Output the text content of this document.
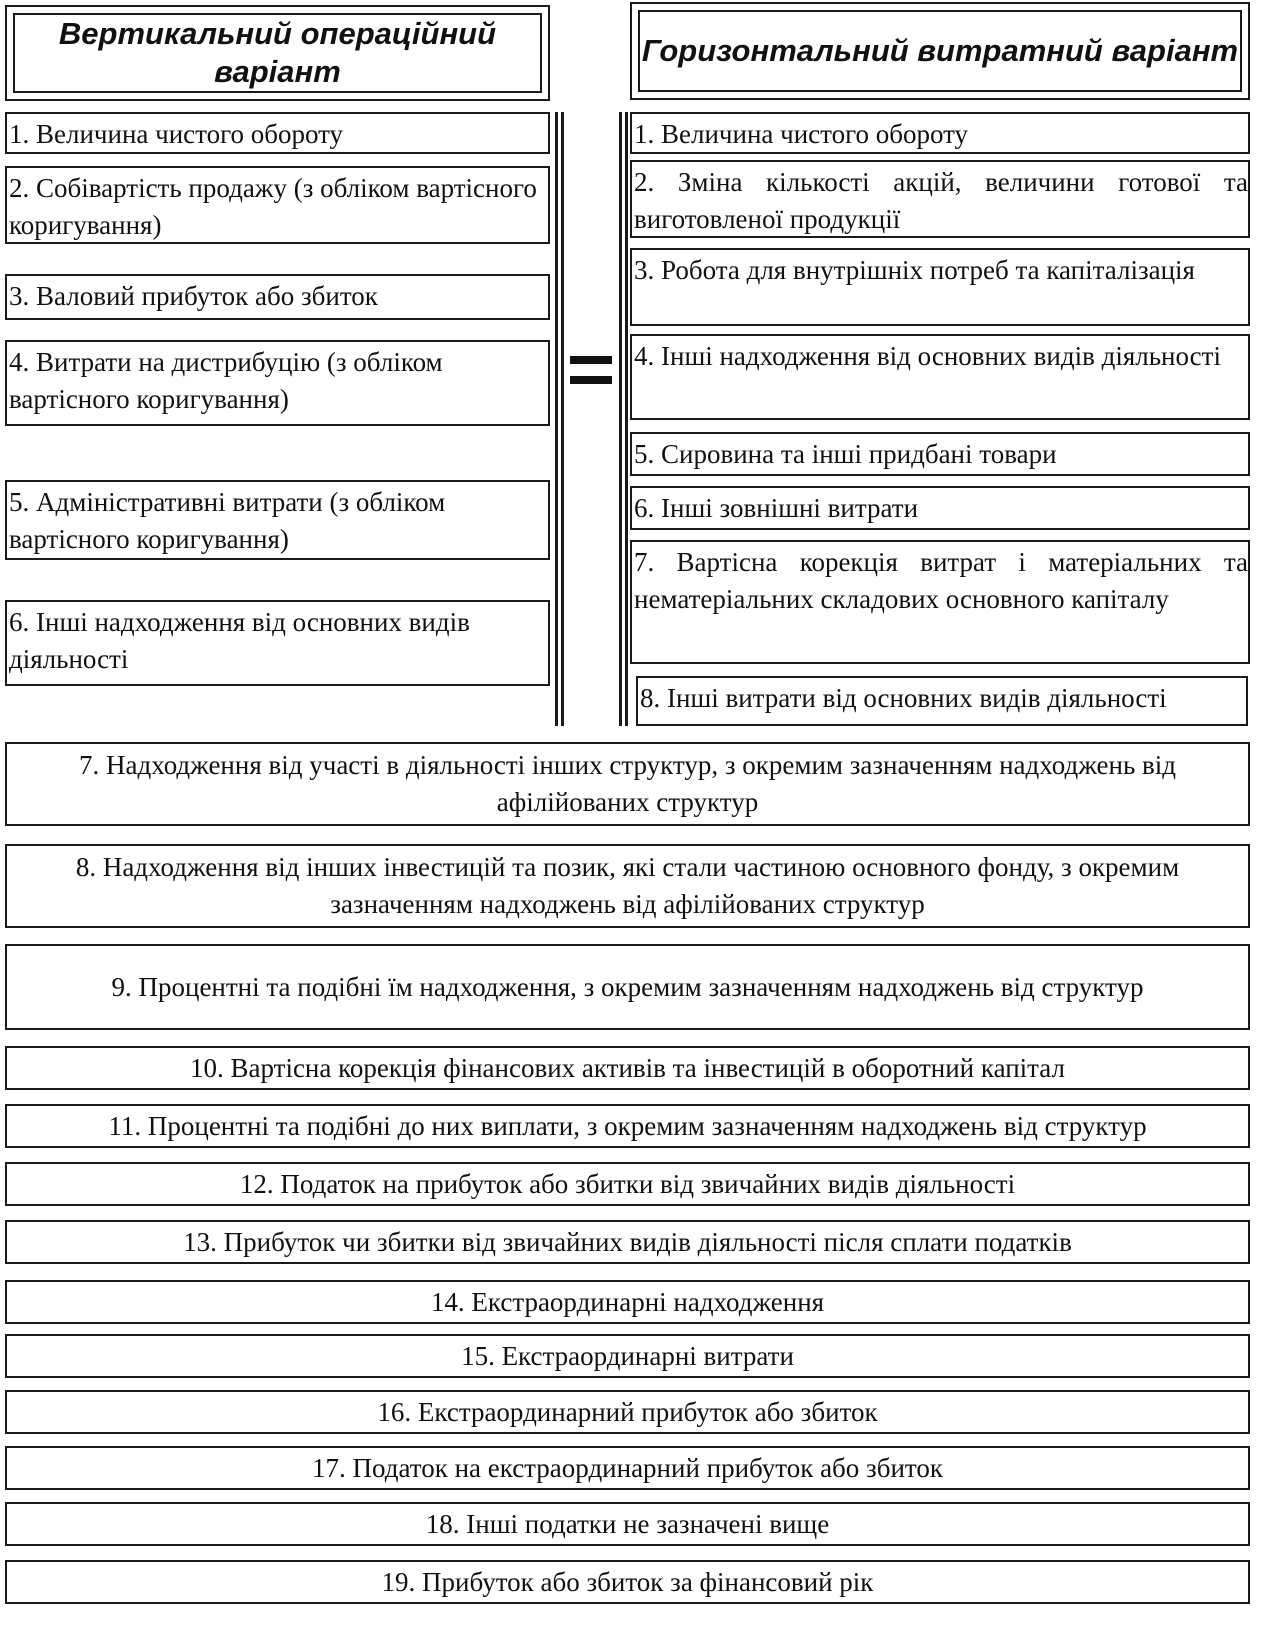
Вертикальний операційний варіант
Горизонтальний витратний варіант
1. Величина чистого обороту
2. Собівартість продажу (з обліком вартісного коригування)
3. Валовий прибуток або збиток
4. Витрати на дистрибуцію (з обліком вартісного коригування)
5. Адміністративні витрати (з обліком вартісного коригування)
6. Інші надходження від основних видів діяльності
1. Величина чистого обороту
2. Зміна кількості акцій, величини готової та виготовленої продукції
3. Робота для внутрішніх потреб та капіталізація
4. Інші надходження від основних видів діяльності
5. Сировина та інші придбані товари
6. Інші зовнішні витрати
7. Вартісна корекція витрат і матеріальних та нематеріальних складових основного капіталу
8. Інші витрати від основних видів діяльності
7. Надходження від участі в діяльності інших структур, з окремим зазначенням надходжень від афілійованих структур
8. Надходження від інших інвестицій та позик, які стали частиною основного фонду, з окремим зазначенням надходжень від афілійованих структур
9. Процентні та подібні їм надходження, з окремим зазначенням надходжень від структур
10. Вартісна корекція фінансових активів та інвестицій в оборотний капітал
11. Процентні та подібні до них виплати, з окремим зазначенням надходжень від структур
12. Податок на прибуток або збитки від звичайних видів діяльності
13. Прибуток чи збитки від звичайних видів діяльності після сплати податків
14. Екстраординарні надходження
15. Екстраординарні витрати
16. Екстраординарний прибуток або збиток
17. Податок на екстраординарний прибуток або збиток
18. Інші податки не зазначені вище
19. Прибуток або збиток за фінансовий рік
